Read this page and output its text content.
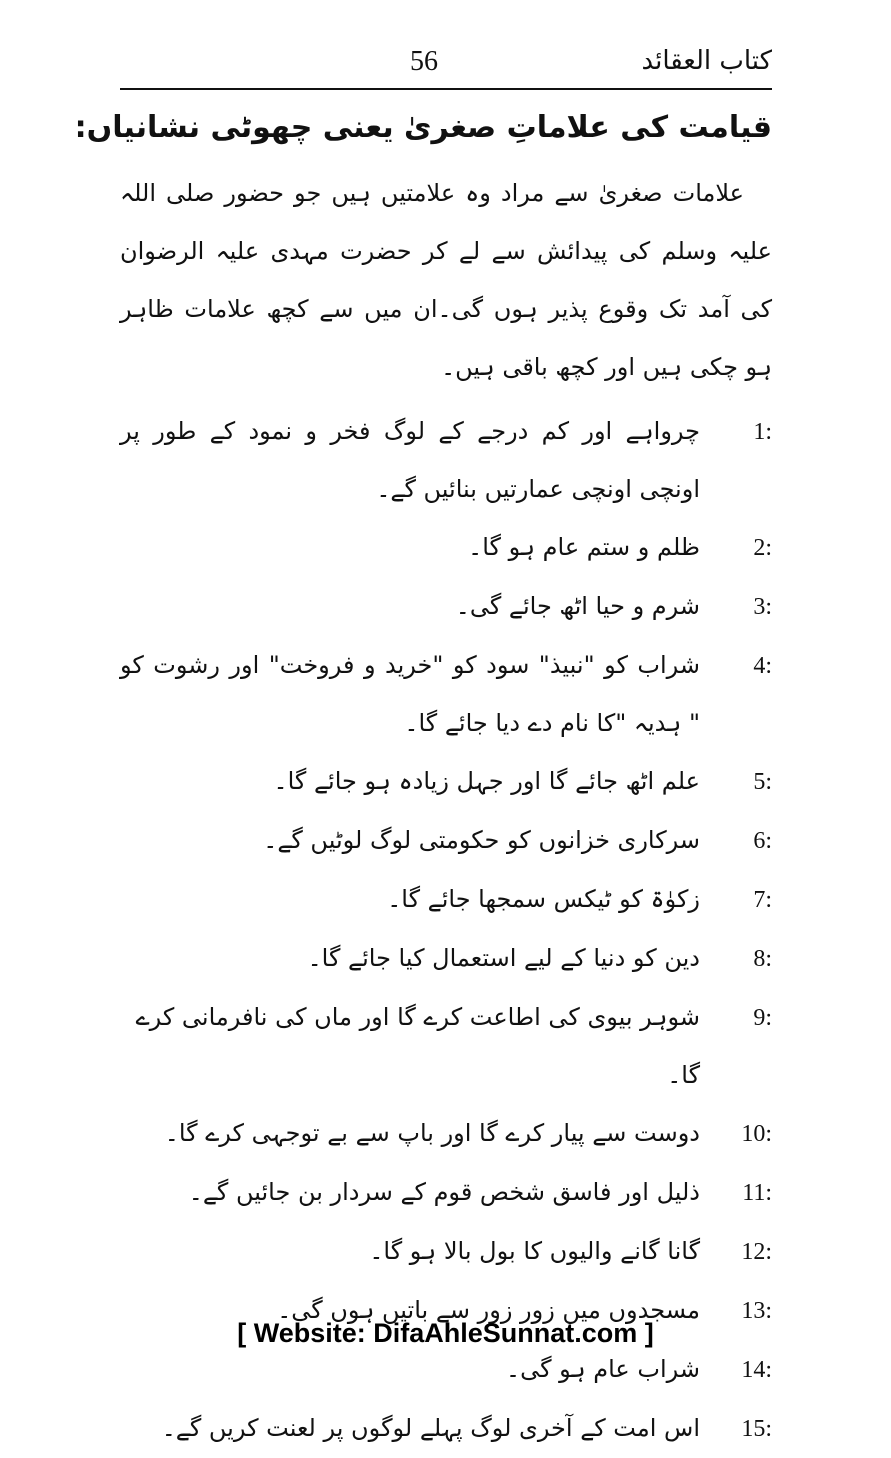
کتاب العقائد
56
قیامت کی علاماتِ صغریٰ یعنی چھوٹی نشانیاں:

علامات صغریٰ سے مراد وہ علامتیں ہیں جو حضور صلی اللہ علیہ وسلم کی پیدائش سے لے کر حضرت مہدی علیہ الرضوان کی آمد تک وقوع پذیر ہوں گی۔ان میں سے کچھ علامات ظاہر ہو چکی ہیں اور کچھ باقی ہیں۔

1:
چرواہے اور کم درجے کے لوگ فخر و نمود کے طور پر اونچی اونچی عمارتیں بنائیں گے۔
2:
ظلم و ستم عام ہو گا۔
3:
شرم و حیا اٹھ جائے گی۔
4:
شراب کو "نبیذ" سود کو "خرید و فروخت" اور رشوت کو " ہدیہ "کا نام دے دیا جائے گا۔
5:
علم اٹھ جائے گا اور جہل زیادہ ہو جائے گا۔
6:
سرکاری خزانوں کو حکومتی لوگ لوٹیں گے۔
7:
زکوٰۃ کو ٹیکس سمجھا جائے گا۔
8:
دین کو دنیا کے لیے استعمال کیا جائے گا۔
9:
شوہر بیوی کی اطاعت کرے گا اور ماں کی نافرمانی کرے گا۔
10:
دوست سے پیار کرے گا اور باپ سے بے توجہی کرے گا۔
11:
ذلیل اور فاسق شخص قوم کے سردار بن جائیں گے۔
12:
گانا گانے والیوں کا بول بالا ہو گا۔
13:
مسجدوں میں زور زور سے باتیں ہوں گی۔
14:
شراب عام ہو گی۔
15:
اس امت کے آخری لوگ پہلے لوگوں پر لعنت کریں گے۔
[ Website: DifaAhleSunnat.com ]
